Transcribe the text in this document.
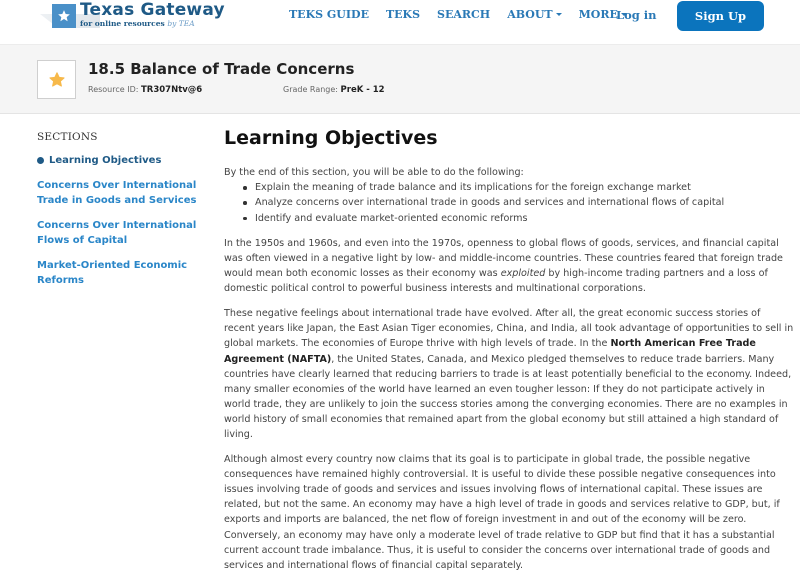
Texas Gateway
for online resources by TEA
TEKS GUIDE TEKS SEARCH ABOUT MORE
Log in	Sign Up
18.5 Balance of Trade Concerns
Resource ID: TR307Ntv@6	Grade Range: PreK - 12
SECTIONS
Learning Objectives
Concerns Over International Trade in Goods and Services
Concerns Over International Flows of Capital
Market-Oriented Economic Reforms
Learning Objectives
By the end of this section, you will be able to do the following:
Explain the meaning of trade balance and its implications for the foreign exchange market
Analyze concerns over international trade in goods and services and international flows of capital
Identify and evaluate market-oriented economic reforms

In the 1950s and 1960s, and even into the 1970s, openness to global flows of goods, services, and financial capital was often viewed in a negative light by low- and middle-income countries. These countries feared that foreign trade would mean both economic losses as their economy was exploited by high-income trading partners and a loss of domestic political control to powerful business interests and multinational corporations.

These negative feelings about international trade have evolved. After all, the great economic success stories of recent years like Japan, the East Asian Tiger economies, China, and India, all took advantage of opportunities to sell in global markets. The economies of Europe thrive with high levels of trade. In the North American Free Trade Agreement (NAFTA), the United States, Canada, and Mexico pledged themselves to reduce trade barriers. Many countries have clearly learned that reducing barriers to trade is at least potentially beneficial to the economy. Indeed, many smaller economies of the world have learned an even tougher lesson: If they do not participate actively in world trade, they are unlikely to join the success stories among the converging economies. There are no examples in world history of small economies that remained apart from the global economy but still attained a high standard of living.

Although almost every country now claims that its goal is to participate in global trade, the possible negative consequences have remained highly controversial. It is useful to divide these possible negative consequences into issues involving trade of goods and services and issues involving flows of international capital. These issues are related, but not the same. An economy may have a high level of trade in goods and services relative to GDP, but, if exports and imports are balanced, the net flow of foreign investment in and out of the economy will be zero. Conversely, an economy may have only a moderate level of trade relative to GDP but find that it has a substantial current account trade imbalance. Thus, it is useful to consider the concerns over international trade of goods and services and international flows of financial capital separately.
